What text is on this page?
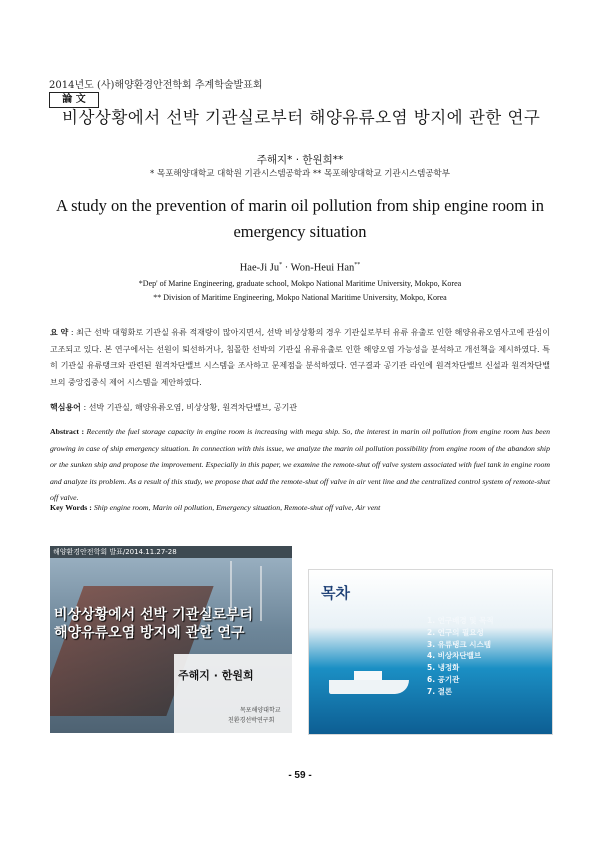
2014년도 (사)해양환경안전학회 추계학술발표회
論 文
비상상황에서 선박 기관실로부터 해양유류오염 방지에 관한 연구
주해지* · 한원희**
* 목포해양대학교 대학원 기관시스템공학과 ** 목포해양대학교 기관시스템공학부
A study on the prevention of marin oil pollution from ship engine room in emergency situation
Hae-Ji Ju* · Won-Heui Han**
*Dep' of Marine Engineering, graduate school, Mokpo National Maritime University, Mokpo, Korea
** Division of Maritime Engineering, Mokpo National Maritime University, Mokpo, Korea
요 약 : 최근 선박 대형화로 기관실 유류 적재량이 많아지면서, 선박 비상상황의 경우 기관실로부터 유류 유출로 인한 해양유류오염사고에 관심이 고조되고 있다. 본 연구에서는 선원이 퇴선하거나, 침몰한 선박의 기관실 유류유출로 인한 해양오염 가능성을 분석하고 개선책을 제시하였다. 특히 기관실 유류탱크와 관련된 원격차단밸브 시스템을 조사하고 문제점을 분석하였다. 연구결과 공기관 라인에 원격차단밸브 신설과 원격차단밸브의 중앙집중식 제어 시스템을 제안하였다.
핵심용어 : 선박 기관실, 해양유류오염, 비상상황, 원격차단밸브, 공기관
Abstract : Recently the fuel storage capacity in engine room is increasing with mega ship. So, the interest in marin oil pollution from engine room has been growing in case of ship emergency situation. In connection with this issue, we analyze the marin oil pollution possibility from engine room of the abandon ship or the sunken ship and propose the improvement. Especially in this paper, we examine the remote-shut off valve system associated with fuel tank in engine room and analyze its problem. As a result of this study, we propose that add the remote-shut off valve in air vent line and the centralized control system of remote-shut off valve.
Key Words : Ship engine room, Marin oil pollution, Emergency situation, Remote-shut off valve, Air vent
해양환경안전학회 발표/2014.11.27-28
비상상황에서 선박 기관실로부터
해양유류오염 방지에 관한 연구
주해지 · 한원희
목포해양대학교
친환경선박연구회
목차
1. 연구배경 및 목적
2. 연구의 필요성
3. 유류탱크 시스템
4. 비상차단밸브
5. 냉정화
6. 공기관
7. 결론
- 59 -
